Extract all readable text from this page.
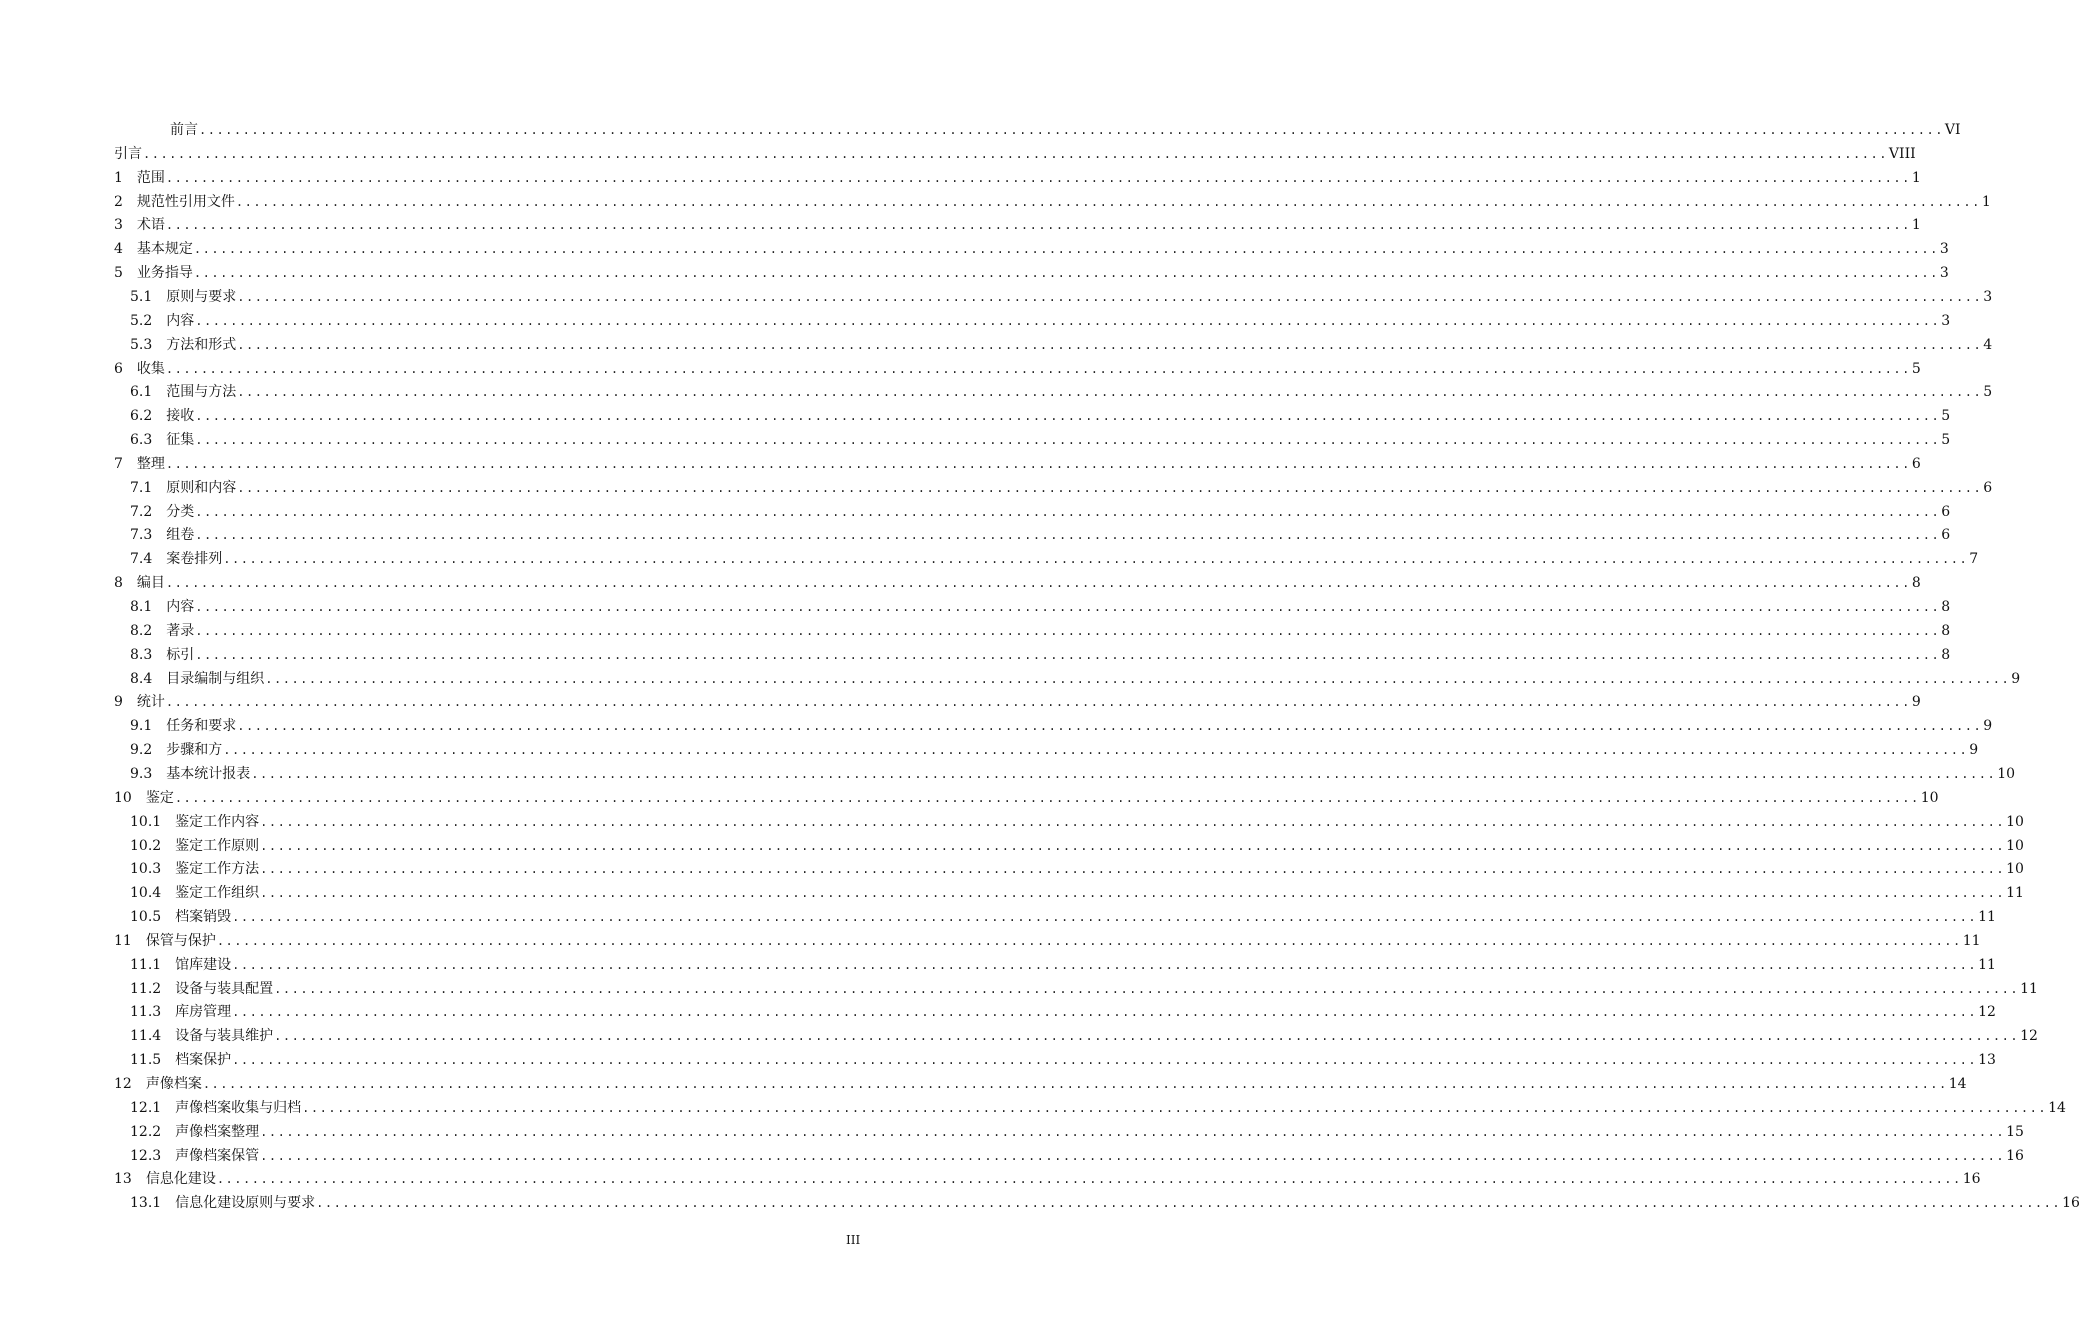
前言 ........................................................................................................................................................................................................ VI
引言 ........................................................................................................................................................................................................ VIII
1　范围 ........................................................................................................................................................................................................ 1
2　规范性引用文件 ........................................................................................................................................................................................................ 1
3　术语 ........................................................................................................................................................................................................ 1
4　基本规定 ........................................................................................................................................................................................................ 3
5　业务指导 ........................................................................................................................................................................................................ 3
5.1　原则与要求 ........................................................................................................................................................................................................ 3
5.2　内容 ........................................................................................................................................................................................................ 3
5.3　方法和形式 ........................................................................................................................................................................................................ 4
6　收集 ........................................................................................................................................................................................................ 5
6.1　范围与方法 ........................................................................................................................................................................................................ 5
6.2　接收 ........................................................................................................................................................................................................ 5
6.3　征集 ........................................................................................................................................................................................................ 5
7　整理 ........................................................................................................................................................................................................ 6
7.1　原则和内容 ........................................................................................................................................................................................................ 6
7.2　分类 ........................................................................................................................................................................................................ 6
7.3　组卷 ........................................................................................................................................................................................................ 6
7.4　案卷排列 ........................................................................................................................................................................................................ 7
8　编目 ........................................................................................................................................................................................................ 8
8.1　内容 ........................................................................................................................................................................................................ 8
8.2　著录 ........................................................................................................................................................................................................ 8
8.3　标引 ........................................................................................................................................................................................................ 8
8.4　目录编制与组织 ........................................................................................................................................................................................................ 9
9　统计 ........................................................................................................................................................................................................ 9
9.1　任务和要求 ........................................................................................................................................................................................................ 9
9.2　步骤和方 ........................................................................................................................................................................................................ 9
9.3　基本统计报表 ........................................................................................................................................................................................................ 10
10　鉴定 ........................................................................................................................................................................................................ 10
10.1　鉴定工作内容 ........................................................................................................................................................................................................ 10
10.2　鉴定工作原则 ........................................................................................................................................................................................................ 10
10.3　鉴定工作方法 ........................................................................................................................................................................................................ 10
10.4　鉴定工作组织 ........................................................................................................................................................................................................ 11
10.5　档案销毁 ........................................................................................................................................................................................................ 11
11　保管与保护 ........................................................................................................................................................................................................ 11
11.1　馆库建设 ........................................................................................................................................................................................................ 11
11.2　设备与装具配置 ........................................................................................................................................................................................................ 11
11.3　库房管理 ........................................................................................................................................................................................................ 12
11.4　设备与装具维护 ........................................................................................................................................................................................................ 12
11.5　档案保护 ........................................................................................................................................................................................................ 13
12　声像档案 ........................................................................................................................................................................................................ 14
12.1　声像档案收集与归档 ........................................................................................................................................................................................................ 14
12.2　声像档案整理 ........................................................................................................................................................................................................ 15
12.3　声像档案保管 ........................................................................................................................................................................................................ 16
13　信息化建设 ........................................................................................................................................................................................................ 16
13.1　信息化建设原则与要求 ........................................................................................................................................................................................................ 16
III
